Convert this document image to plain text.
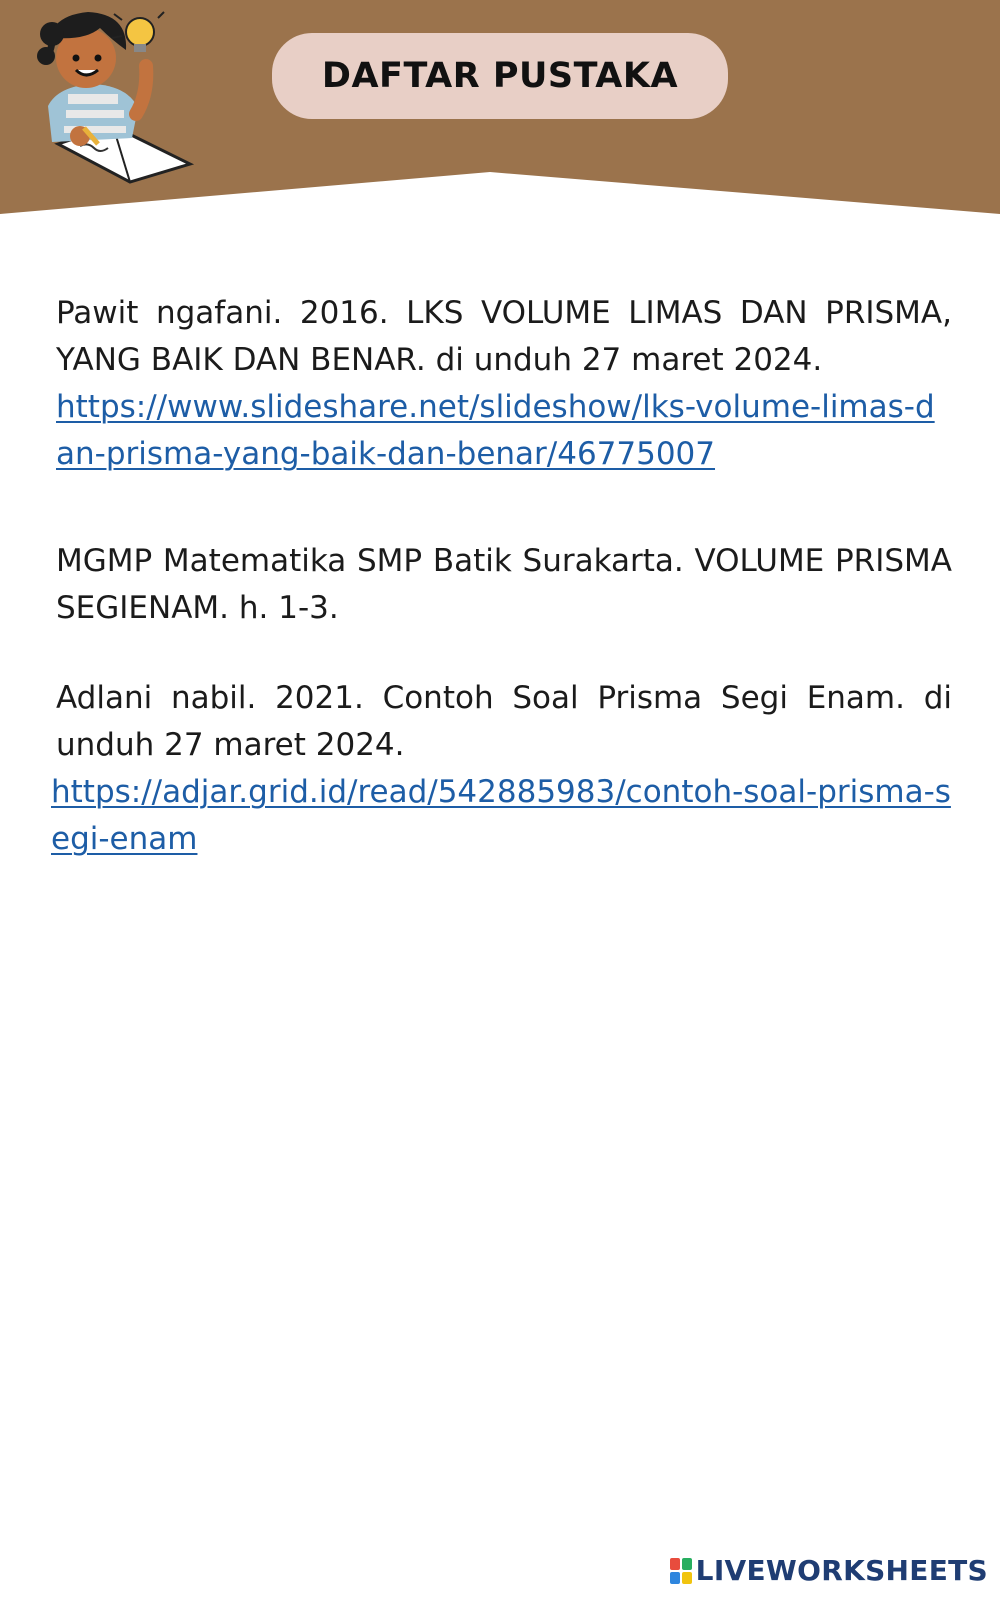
DAFTAR PUSTAKA
Pawit ngafani. 2016. LKS VOLUME LIMAS DAN PRISMA, YANG BAIK DAN BENAR. di unduh 27 maret 2024.
https://www.slideshare.net/slideshow/lks-volume-limas-dan-prisma-yang-baik-dan-benar/46775007
MGMP Matematika SMP Batik Surakarta. VOLUME PRISMA SEGIENAM. h. 1-3.
Adlani nabil. 2021. Contoh Soal Prisma Segi Enam. di unduh 27 maret 2024.
https://adjar.grid.id/read/542885983/contoh-soal-prisma-segi-enam
LIVEWORKSHEETS
